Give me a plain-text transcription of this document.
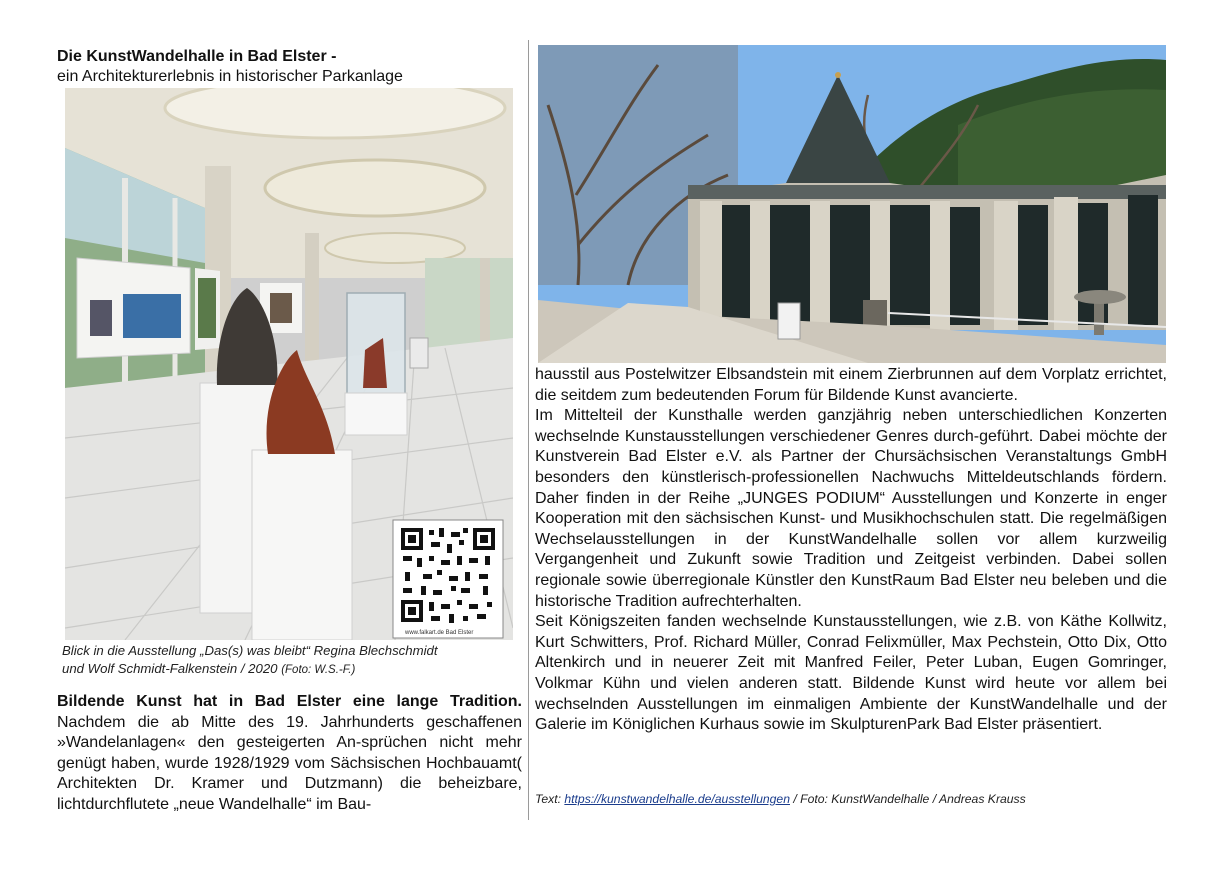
Die KunstWandelhalle in Bad Elster -
ein Architekturerlebnis in historischer Parkanlage
www.falkart.de Bad Elster
Blick in die Ausstellung „Das(s) was bleibt“ Regina Blechschmidt
und Wolf Schmidt-Falkenstein / 2020 (Foto: W.S.-F.)
Bildende Kunst hat in Bad Elster eine lange Tradition. Nachdem die ab Mitte des 19. Jahrhunderts geschaffenen »Wandelanlagen« den gesteigerten An-sprüchen nicht mehr genügt haben, wurde 1928/1929 vom Sächsischen Hochbauamt( Architekten Dr. Kramer und Dutzmann) die beheizbare, lichtdurchflutete „neue Wandelhalle“ im Bau-

hausstil aus Postelwitzer Elbsandstein mit einem Zierbrunnen auf dem Vorplatz errichtet, die seitdem zum bedeutenden Forum für Bildende Kunst avancierte.

Im Mittelteil der Kunsthalle werden ganzjährig neben unterschiedlichen Konzerten wechselnde Kunstausstellungen verschiedener Genres durch-geführt. Dabei möchte der Kunstverein Bad Elster e.V. als Partner der Chursächsischen Veranstaltungs GmbH besonders den künstlerisch-professionellen Nachwuchs Mitteldeutschlands fördern. Daher finden in der Reihe „JUNGES PODIUM“ Ausstellungen und Konzerte in enger Kooperation mit den sächsischen Kunst- und Musikhochschulen statt. Die regelmäßigen Wechselausstellungen in der KunstWandelhalle sollen vor allem kurzweilig Vergangenheit und Zukunft sowie Tradition und Zeitgeist verbinden. Dabei sollen regionale sowie überregionale Künstler den KunstRaum Bad Elster neu beleben und die historische Tradition aufrechterhalten.

Seit Königszeiten fanden wechselnde Kunstausstellungen, wie z.B. von Käthe Kollwitz, Kurt Schwitters, Prof. Richard Müller, Conrad Felixmüller, Max Pechstein, Otto Dix, Otto Altenkirch und in neuerer Zeit mit Manfred Feiler, Peter Luban, Eugen Gomringer, Volkmar Kühn und vielen anderen statt. Bildende Kunst wird heute vor allem bei wechselnden Ausstellungen im einmaligen Ambiente der KunstWandelhalle und der Galerie im Königlichen Kurhaus sowie im SkulpturenPark Bad Elster präsentiert.

Text: https://kunstwandelhalle.de/ausstellungen / Foto: KunstWandelhalle / Andreas Krauss
